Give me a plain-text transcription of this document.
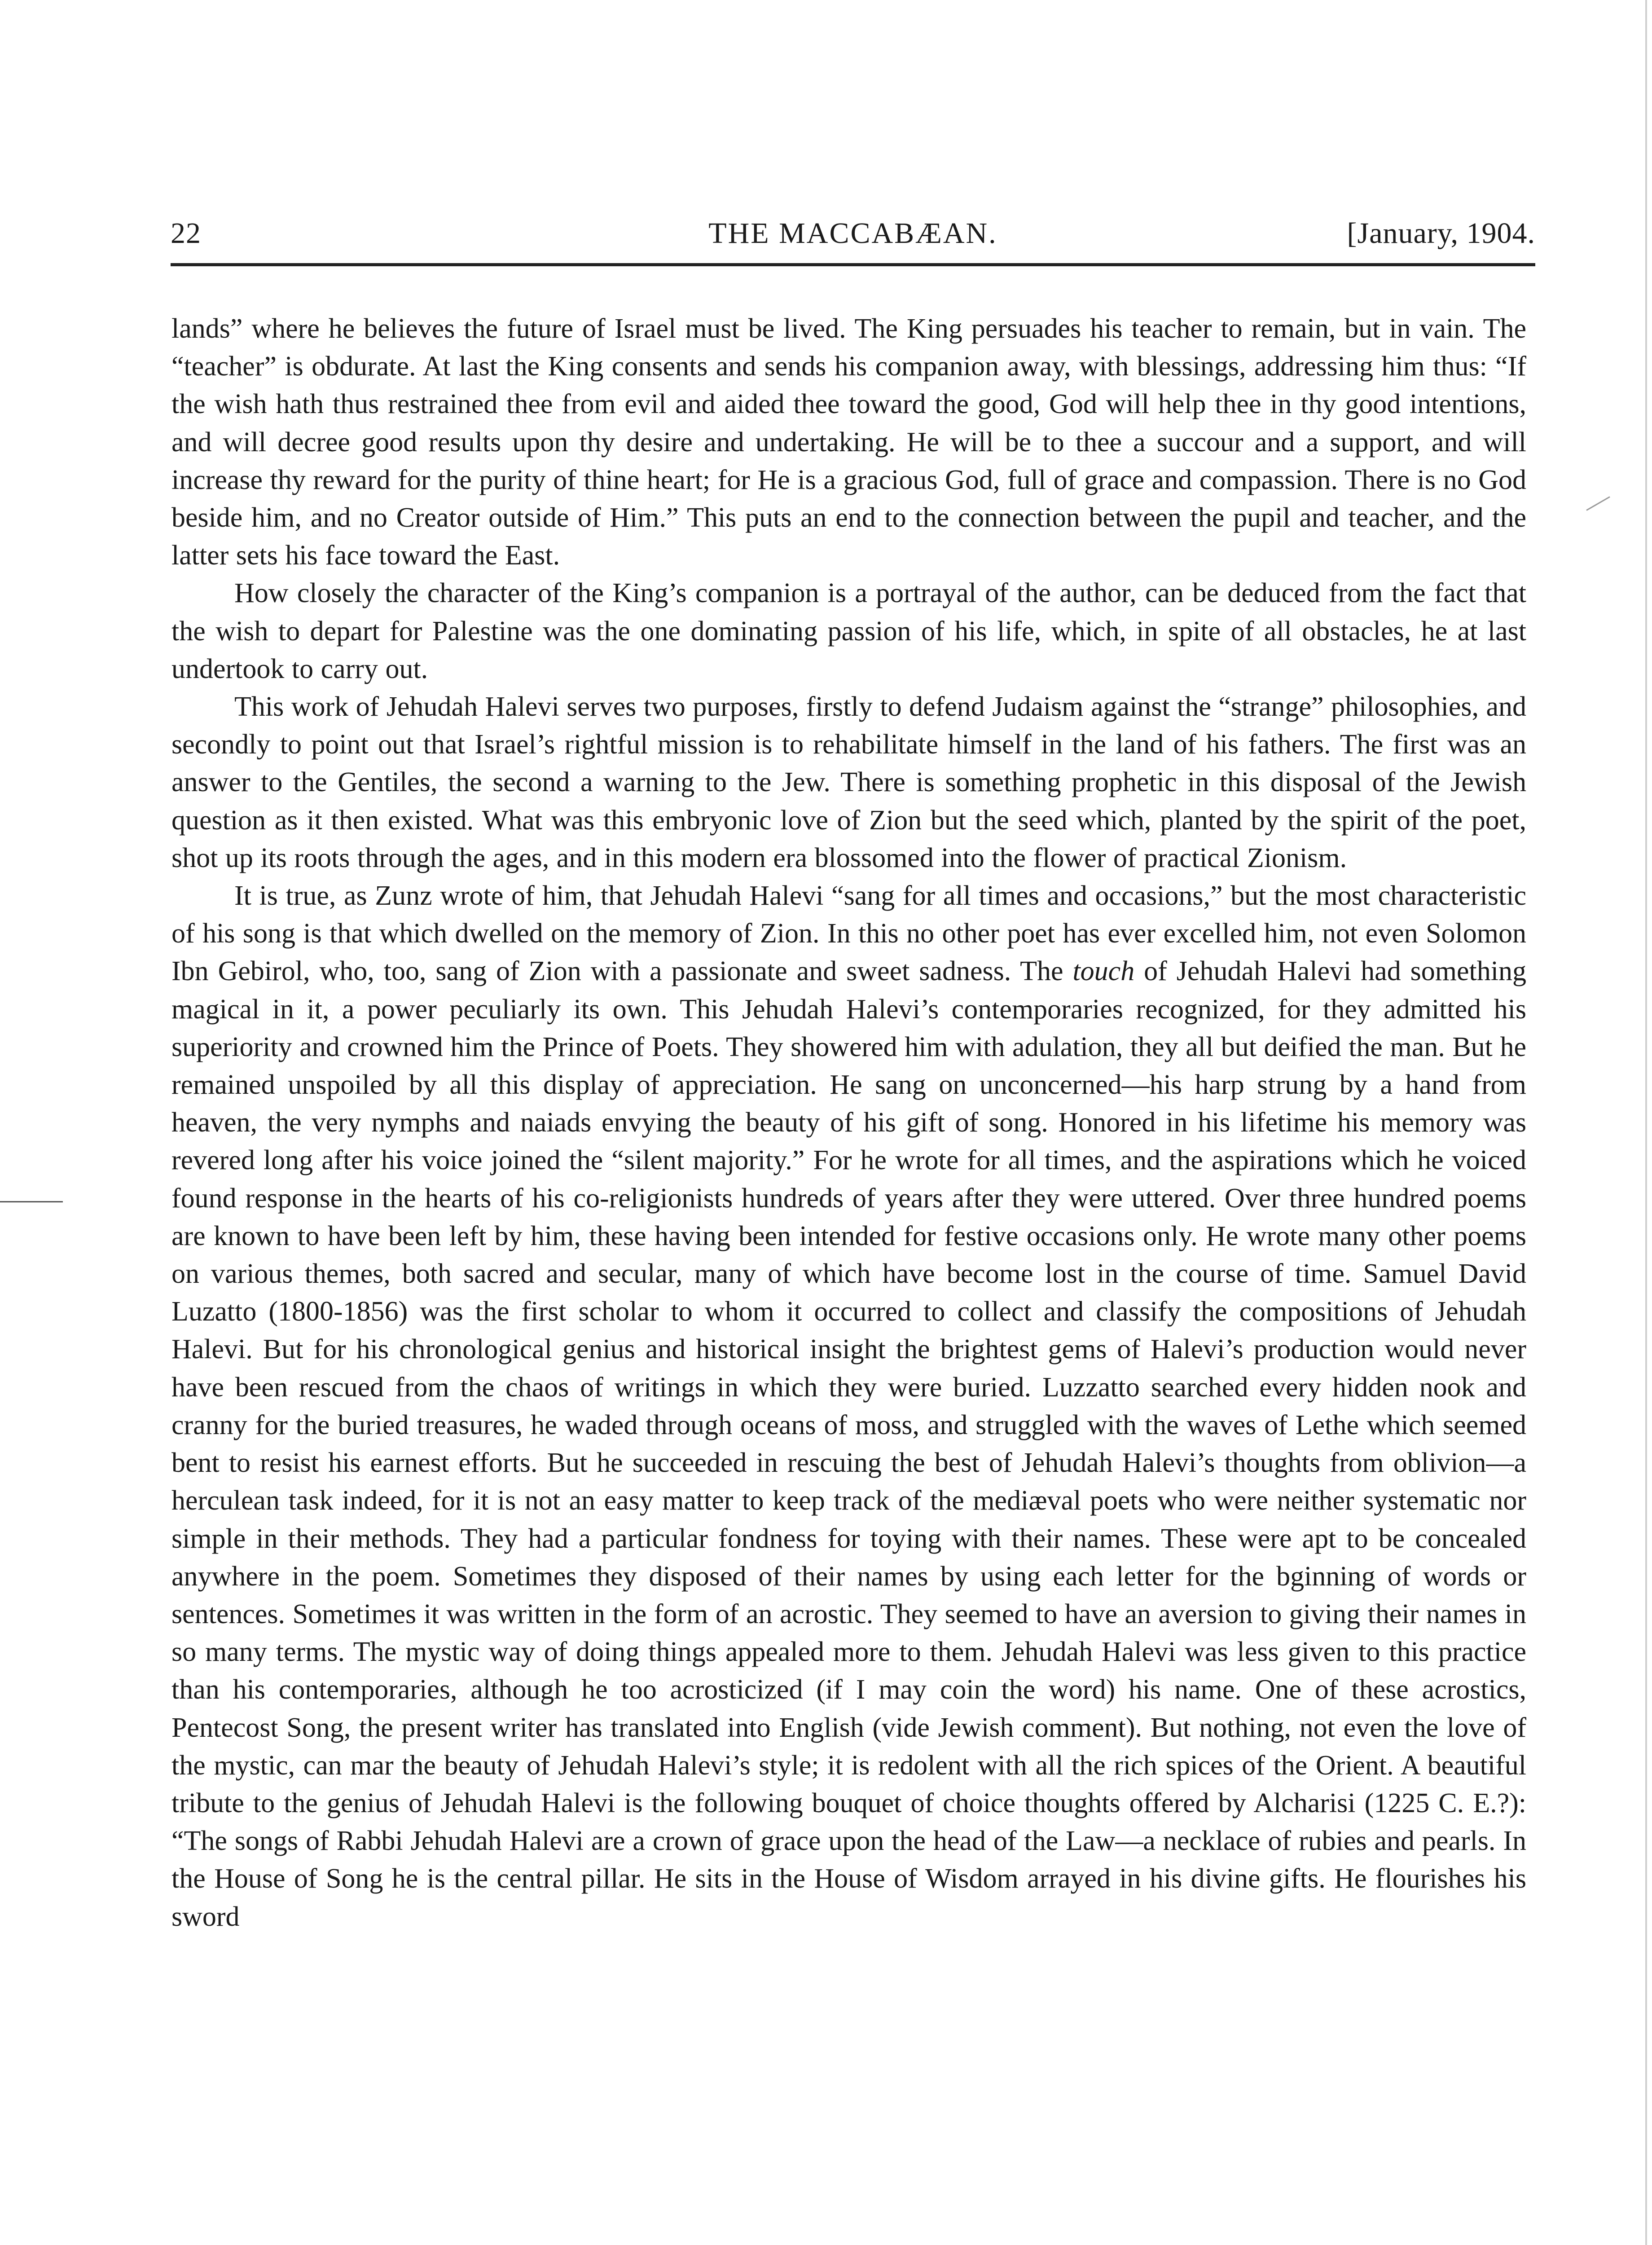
22	THE MACCABÆAN.	[January, 1904.

lands” where he believes the future of Israel must be lived. The King persuades his teacher to remain, but in vain. The “teacher” is obdurate. At last the King consents and sends his companion away, with blessings, addressing him thus: “If the wish hath thus restrained thee from evil and aided thee toward the good, God will help thee in thy good intentions, and will decree good results upon thy desire and undertaking. He will be to thee a succour and a support, and will increase thy reward for the purity of thine heart; for He is a gracious God, full of grace and compassion. There is no God beside him, and no Creator outside of Him.” This puts an end to the connection between the pupil and teacher, and the latter sets his face toward the East.

How closely the character of the King’s companion is a portrayal of the author, can be deduced from the fact that the wish to depart for Palestine was the one dominating passion of his life, which, in spite of all obstacles, he at last undertook to carry out.

This work of Jehudah Halevi serves two purposes, firstly to defend Judaism against the “strange” philosophies, and secondly to point out that Israel’s rightful mission is to rehabilitate himself in the land of his fathers. The first was an answer to the Gentiles, the second a warning to the Jew. There is something prophetic in this disposal of the Jewish question as it then existed. What was this embryonic love of Zion but the seed which, planted by the spirit of the poet, shot up its roots through the ages, and in this modern era blossomed into the flower of practical Zionism.

It is true, as Zunz wrote of him, that Jehudah Halevi “sang for all times and occasions,” but the most characteristic of his song is that which dwelled on the memory of Zion. In this no other poet has ever excelled him, not even Solomon Ibn Gebirol, who, too, sang of Zion with a passionate and sweet sadness. The touch of Jehudah Halevi had something magical in it, a power peculiarly its own. This Jehudah Halevi’s contemporaries recognized, for they admitted his superiority and crowned him the Prince of Poets. They showered him with adulation, they all but deified the man. But he remained unspoiled by all this display of appreciation. He sang on unconcerned—his harp strung by a hand from heaven, the very nymphs and naiads envying the beauty of his gift of song. Honored in his lifetime his memory was revered long after his voice joined the “silent majority.” For he wrote for all times, and the aspirations which he voiced found response in the hearts of his co-religionists hundreds of years after they were uttered. Over three hundred poems are known to have been left by him, these having been intended for festive occasions only. He wrote many other poems on various themes, both sacred and secular, many of which have become lost in the course of time. Samuel David Luzatto (1800-1856) was the first scholar to whom it occurred to collect and classify the compositions of Jehudah Halevi. But for his chronological genius and historical insight the brightest gems of Halevi’s production would never have been rescued from the chaos of writings in which they were buried. Luzzatto searched every hidden nook and cranny for the buried treasures, he waded through oceans of moss, and struggled with the waves of Lethe which seemed bent to resist his earnest efforts. But he succeeded in rescuing the best of Jehudah Halevi’s thoughts from oblivion—a herculean task indeed, for it is not an easy matter to keep track of the mediæval poets who were neither systematic nor simple in their methods. They had a particular fondness for toying with their names. These were apt to be concealed anywhere in the poem. Sometimes they disposed of their names by using each letter for the bginning of words or sentences. Sometimes it was written in the form of an acrostic. They seemed to have an aversion to giving their names in so many terms. The mystic way of doing things appealed more to them. Jehudah Halevi was less given to this practice than his contemporaries, although he too acrosticized (if I may coin the word) his name. One of these acrostics, Pentecost Song, the present writer has translated into English (vide Jewish comment). But nothing, not even the love of the mystic, can mar the beauty of Jehudah Halevi’s style; it is redolent with all the rich spices of the Orient. A beautiful tribute to the genius of Jehudah Halevi is the following bouquet of choice thoughts offered by Alcharisi (1225 C. E.?): “The songs of Rabbi Jehudah Halevi are a crown of grace upon the head of the Law—a necklace of rubies and pearls. In the House of Song he is the central pillar. He sits in the House of Wisdom arrayed in his divine gifts. He flourishes his sword
